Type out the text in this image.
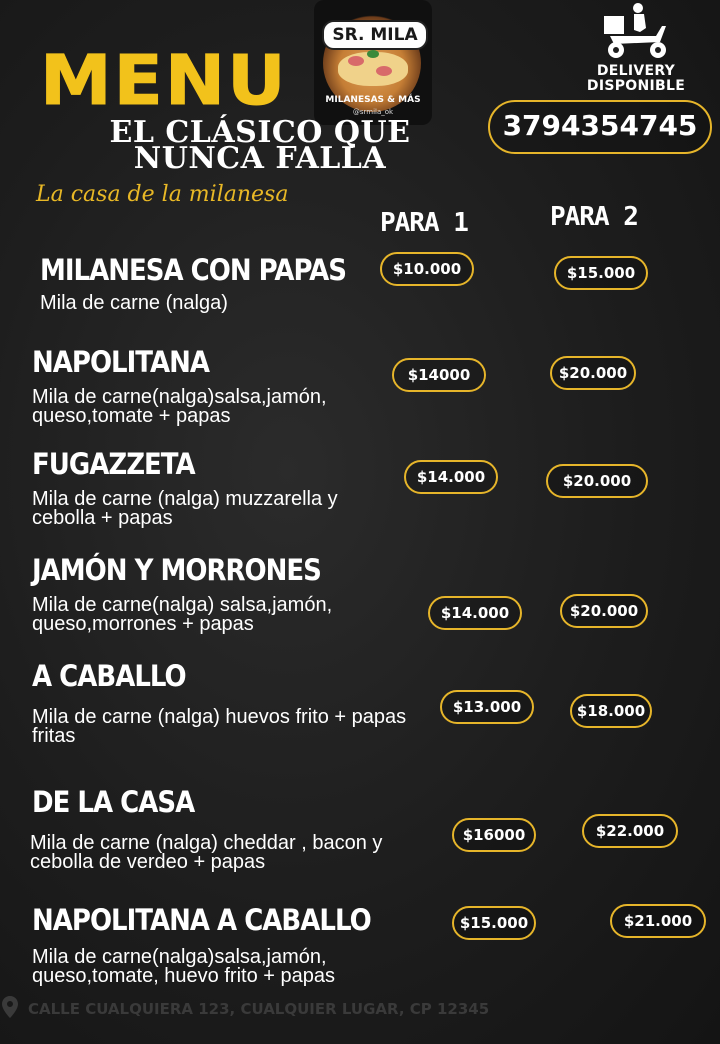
MENU
SR. MILA
MILANESAS & MÁS
@srmila_ok
DELIVERY DISPONIBLE
3794354745
EL CLÁSICO QUE NUNCA FALLA
La casa de la milanesa
PARA 1	PARA 2
MILANESA CON PAPAS
Mila de carne (nalga)
$10.000	$15.000
NAPOLITANA
Mila de carne(nalga)salsa,jamón, queso,tomate + papas
$14000	$20.000
FUGAZZETA
Mila de carne (nalga) muzzarella y cebolla + papas
$14.000	$20.000
JAMÓN Y MORRONES
Mila de carne(nalga) salsa,jamón, queso,morrones + papas	$14.000	$20.000
A CABALLO
Mila de carne (nalga) huevos frito + papas fritas
$13.000	$18.000
DE LA CASA
Mila de carne (nalga) cheddar , bacon y cebolla de verdeo + papas
$16000	$22.000
NAPOLITANA A CABALLO
Mila de carne(nalga)salsa,jamón, queso,tomate, huevo frito + papas
$15.000	$21.000
CALLE CUALQUIERA 123, CUALQUIER LUGAR, CP 12345
